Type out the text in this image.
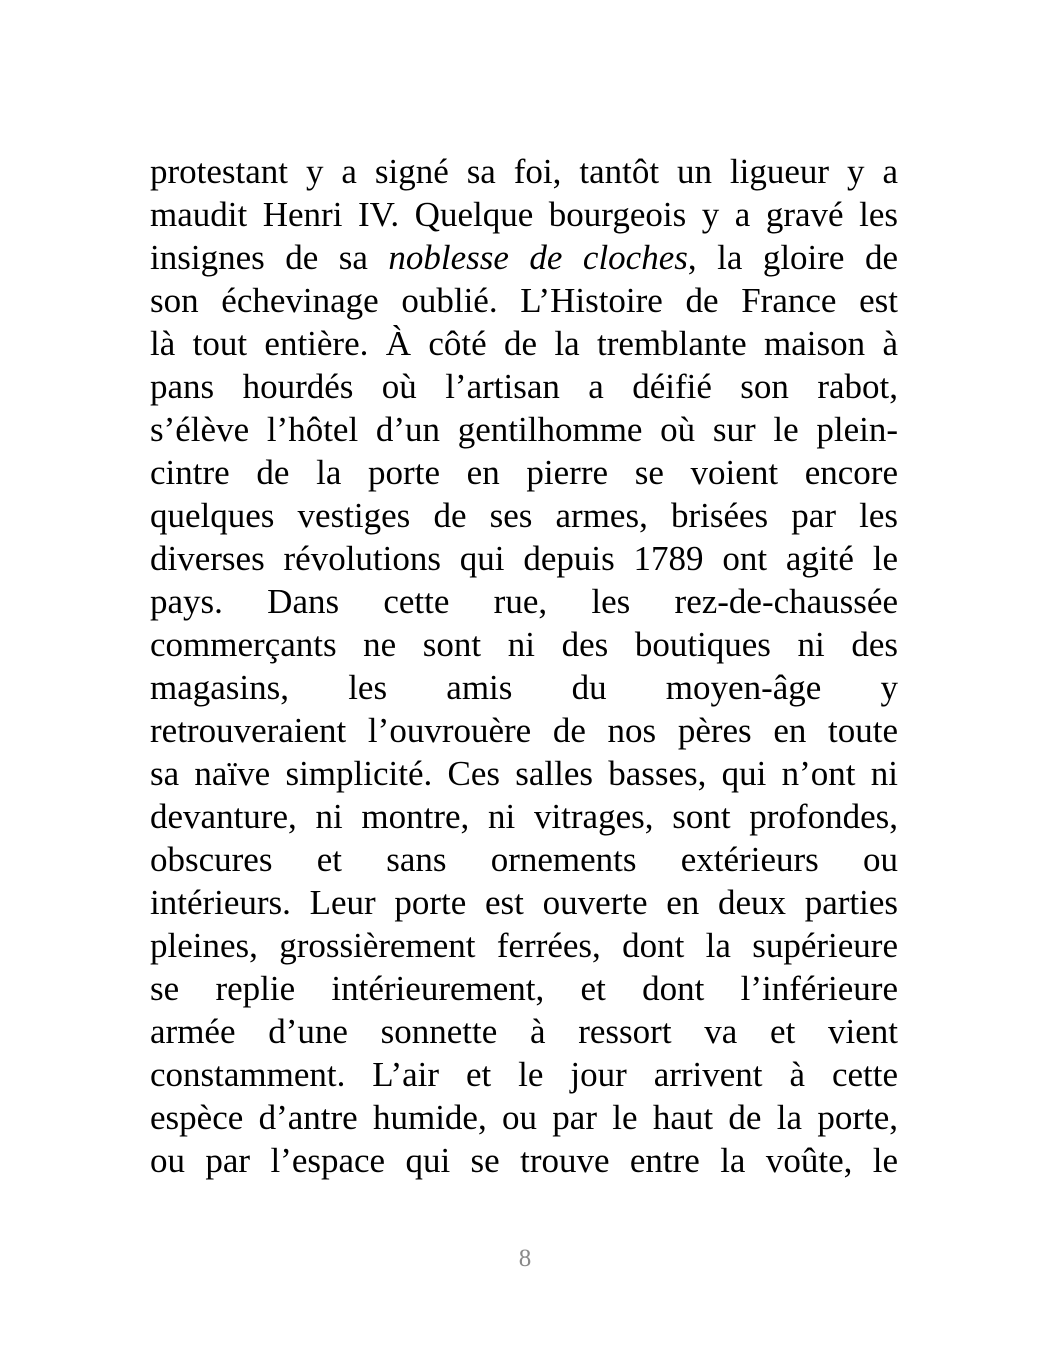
protestant y a signé sa foi, tantôt un ligueur y a
maudit Henri IV. Quelque bourgeois y a gravé les
insignes de sa noblesse de cloches, la gloire de
son échevinage oublié. L’Histoire de France est
là tout entière. À côté de la tremblante maison à
pans hourdés où l’artisan a déifié son rabot,
s’élève l’hôtel d’un gentilhomme où sur le plein-
cintre de la porte en pierre se voient encore
quelques vestiges de ses armes, brisées par les
diverses révolutions qui depuis 1789 ont agité le
pays. Dans cette rue, les rez-de-chaussée
commerçants ne sont ni des boutiques ni des
magasins, les amis du moyen-âge y
retrouveraient l’ouvrouère de nos pères en toute
sa naïve simplicité. Ces salles basses, qui n’ont ni
devanture, ni montre, ni vitrages, sont profondes,
obscures et sans ornements extérieurs ou
intérieurs. Leur porte est ouverte en deux parties
pleines, grossièrement ferrées, dont la supérieure
se replie intérieurement, et dont l’inférieure
armée d’une sonnette à ressort va et vient
constamment. L’air et le jour arrivent à cette
espèce d’antre humide, ou par le haut de la porte,
ou par l’espace qui se trouve entre la voûte, le
8
